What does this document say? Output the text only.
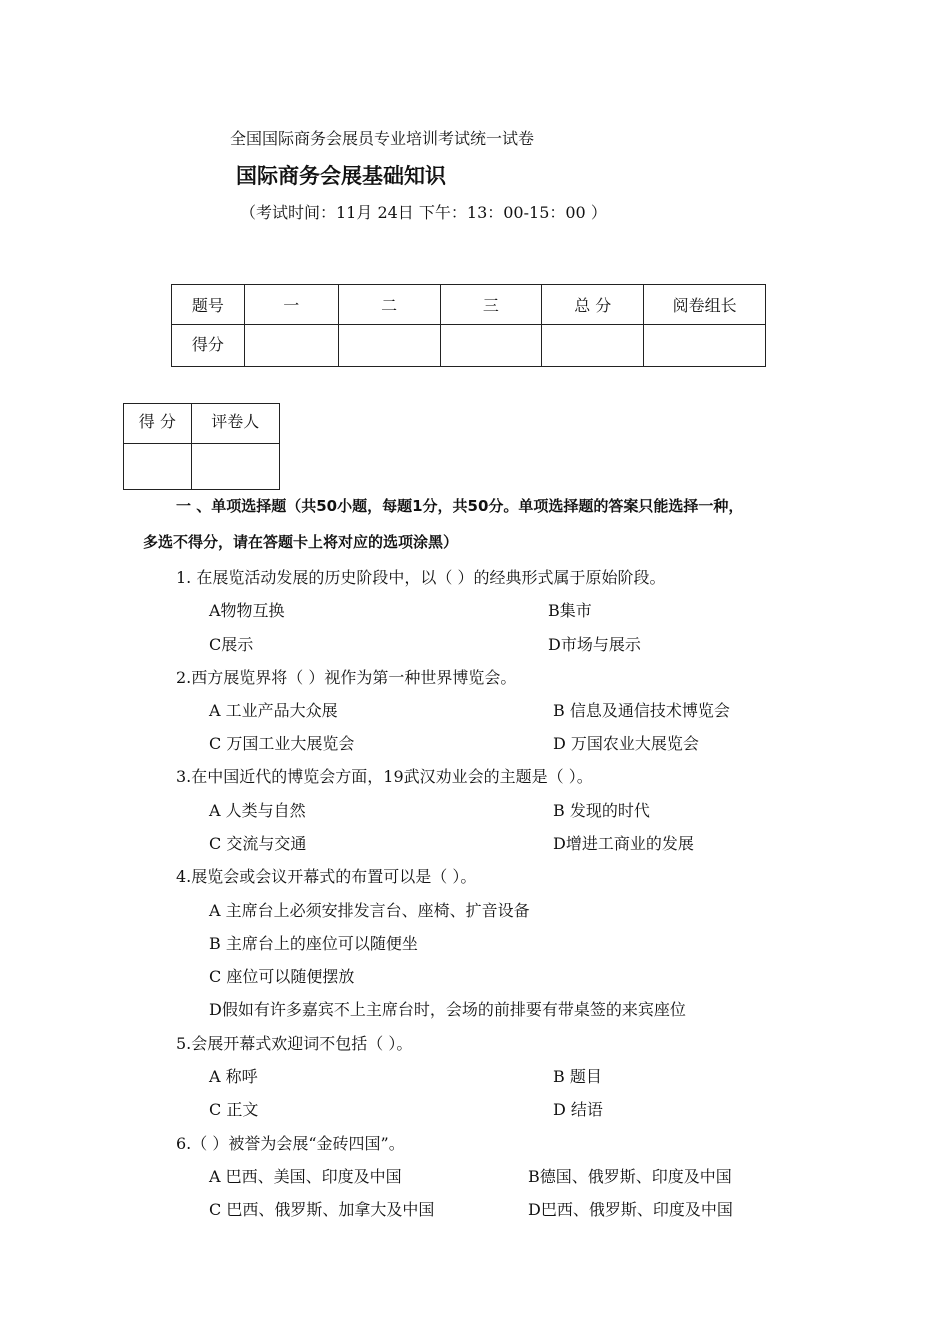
全国国际商务会展员专业培训考试统一试卷
国际商务会展基础知识
（考试时间：11月 24日 下午：13：00-15：00 ）
题号	一	二	三	总 分	阅卷组长
得分					
得 分	评卷人

一 、单项选择题（共50小题，每题1分，共50分。单项选择题的答案只能选择一种，
多选不得分，请在答题卡上将对应的选项涂黑）
1. 在展览活动发展的历史阶段中，以（ ）的经典形式属于原始阶段。
A物物互换	B集市
C展示	D市场与展示
2.西方展览界将（ ）视作为第一种世界博览会。
A 工业产品大众展	B 信息及通信技术博览会
C 万国工业大展览会	D 万国农业大展览会
3.在中国近代的博览会方面，19武汉劝业会的主题是（ ）。
A 人类与自然	B 发现的时代
C 交流与交通	D增进工商业的发展
4.展览会或会议开幕式的布置可以是（ ）。
A 主席台上必须安排发言台、座椅、扩音设备
B 主席台上的座位可以随便坐
C 座位可以随便摆放
D假如有许多嘉宾不上主席台时，会场的前排要有带桌签的来宾座位
5.会展开幕式欢迎词不包括（ ）。
A 称呼	B 题目
C 正文	D 结语
6.（ ）被誉为会展“金砖四国”。
A 巴西、美国、印度及中国	B德国、俄罗斯、印度及中国
C 巴西、俄罗斯、加拿大及中国	D巴西、俄罗斯、印度及中国
